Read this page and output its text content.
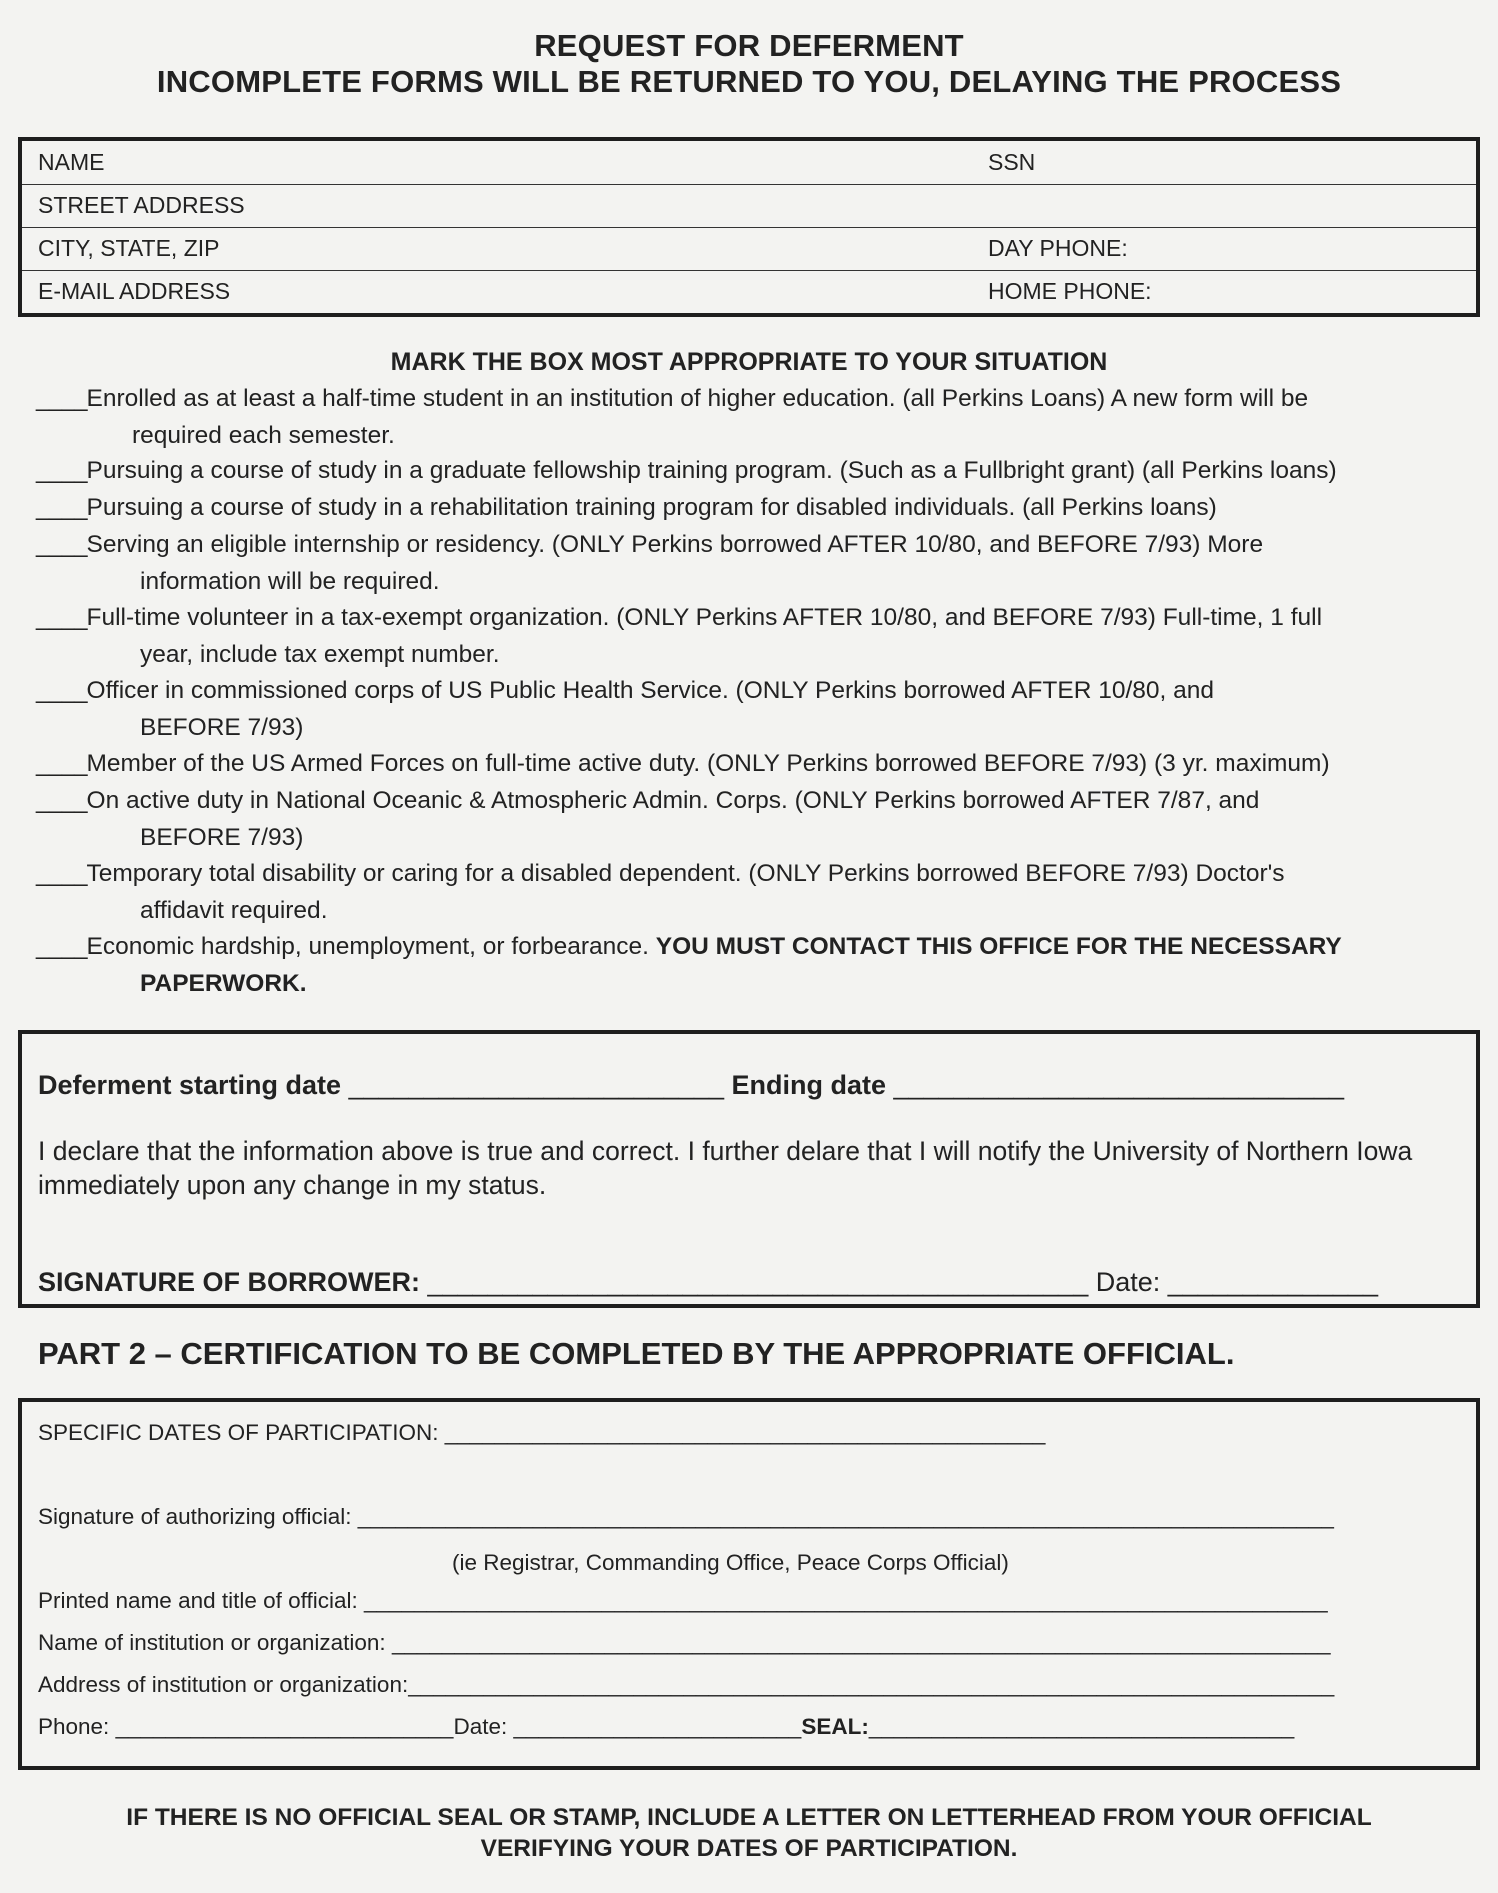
REQUEST FOR DEFERMENT
INCOMPLETE FORMS WILL BE RETURNED TO YOU, DELAYING THE PROCESS
NAME	SSN
STREET ADDRESS
CITY, STATE, ZIP	DAY PHONE:
E-MAIL ADDRESS	HOME PHONE:
MARK THE BOX MOST APPROPRIATE TO YOUR SITUATION
____Enrolled as at least a half-time student in an institution of higher education. (all Perkins Loans) A new form will be
required each semester.
____Pursuing a course of study in a graduate fellowship training program. (Such as a Fullbright grant) (all Perkins loans)
____Pursuing a course of study in a rehabilitation training program for disabled individuals. (all Perkins loans)
____Serving an eligible internship or residency. (ONLY Perkins borrowed AFTER 10/80, and BEFORE 7/93) More
information will be required.
____Full-time volunteer in a tax-exempt organization. (ONLY Perkins AFTER 10/80, and BEFORE 7/93) Full-time, 1 full
year, include tax exempt number.
____Officer in commissioned corps of US Public Health Service. (ONLY Perkins borrowed AFTER 10/80, and
BEFORE 7/93)
____Member of the US Armed Forces on full-time active duty. (ONLY Perkins borrowed BEFORE 7/93) (3 yr. maximum)
____On active duty in National Oceanic & Atmospheric Admin. Corps. (ONLY Perkins borrowed AFTER 7/87, and
BEFORE 7/93)
____Temporary total disability or caring for a disabled dependent. (ONLY Perkins borrowed BEFORE 7/93) Doctor's
affidavit required.
____Economic hardship, unemployment, or forbearance. YOU MUST CONTACT THIS OFFICE FOR THE NECESSARY
PAPERWORK.
Deferment starting date _________________________ Ending date ______________________________
I declare that the information above is true and correct. I further delare that I will notify the University of Northern Iowa immediately upon any change in my status.
SIGNATURE OF BORROWER: ____________________________________________ Date: ______________
PART 2 – CERTIFICATION TO BE COMPLETED BY THE APPROPRIATE OFFICIAL.
SPECIFIC DATES OF PARTICIPATION: ________________________________________________
Signature of authorizing official: ______________________________________________________________________________
(ie Registrar, Commanding Office, Peace Corps Official)
Printed name and title of official: _____________________________________________________________________________
Name of institution or organization: ___________________________________________________________________________
Address of institution or organization:__________________________________________________________________________
Phone: ___________________________Date: _______________________SEAL:__________________________________
IF THERE IS NO OFFICIAL SEAL OR STAMP, INCLUDE A LETTER ON LETTERHEAD FROM YOUR OFFICIAL
VERIFYING YOUR DATES OF PARTICIPATION.
